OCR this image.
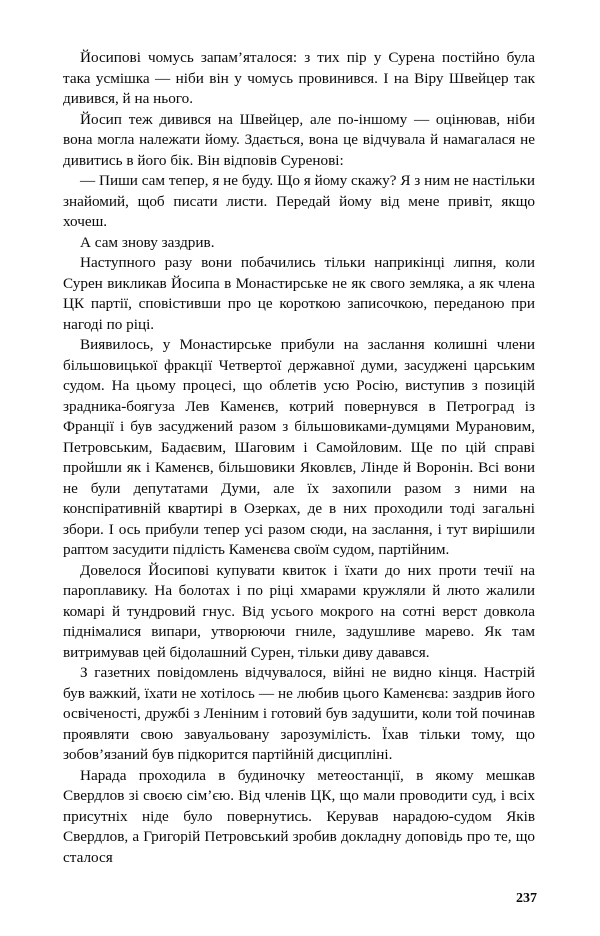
Йосипові чомусь запам’яталося: з тих пір у Сурена постійно була така усмішка — ніби він у чомусь провинився. І на Віру Швейцер так дивився, й на нього.

Йосип теж дивився на Швейцер, але по-іншому — оцінював, ніби вона могла належати йому. Здається, вона це відчувала й намагалася не дивитись в його бік. Він відповів Суренові:

— Пиши сам тепер, я не буду. Що я йому скажу? Я з ним не настільки знайомий, щоб писати листи. Передай йому від мене привіт, якщо хочеш.

А сам знову заздрив.

Наступного разу вони побачились тільки наприкінці липня, коли Сурен викликав Йосипа в Монастирське не як свого земляка, а як члена ЦК партії, сповістивши про це короткою записочкою, переданою при нагоді по ріці.

Виявилось, у Монастирське прибули на заслання колишні члени більшовицької фракції Четвертої державної думи, засуджені царським судом. На цьому процесі, що облетів усю Росію, виступив з позицій зрадника-боягуза Лев Каменєв, котрий повернувся в Петроград із Франції і був засуджений разом з більшовиками-думцями Мурановим, Петровським, Бадаєвим, Шаговим і Самойловим. Ще по цій справі пройшли як і Каменєв, більшовики Яковлєв, Лінде й Воронін. Всі вони не були депутатами Думи, але їх захопили разом з ними на конспіративній квартирі в Озерках, де в них проходили тоді загальні збори. І ось прибули тепер усі разом сюди, на заслання, і тут вирішили раптом засудити підлість Каменєва своїм судом, партійним.

Довелося Йосипові купувати квиток і їхати до них проти течії на пароплавику. На болотах і по ріці хмарами кружляли й люто жалили комарі й тундровий гнус. Від усього мокрого на сотні верст довкола піднімалися випари, утворюючи гниле, задушливе марево. Як там витримував цей бідолашний Сурен, тільки диву давався.

З газетних повідомлень відчувалося, війні не видно кінця. Настрій був важкий, їхати не хотілось — не любив цього Каменєва: заздрив його освіченості, дружбі з Леніним і готовий був задушити, коли той починав проявляти свою завуальовану зарозумілість. Їхав тільки тому, що зобов’язаний був підкорится партійній дисципліні.

Нарада проходила в будиночку метеостанції, в якому мешкав Свердлов зі своєю сім’єю. Від членів ЦК, що мали проводити суд, і всіх присутніх ніде було повернутись. Керував нарадою-судом Яків Свердлов, а Григорій Петровський зробив докладну доповідь про те, що сталося

237
